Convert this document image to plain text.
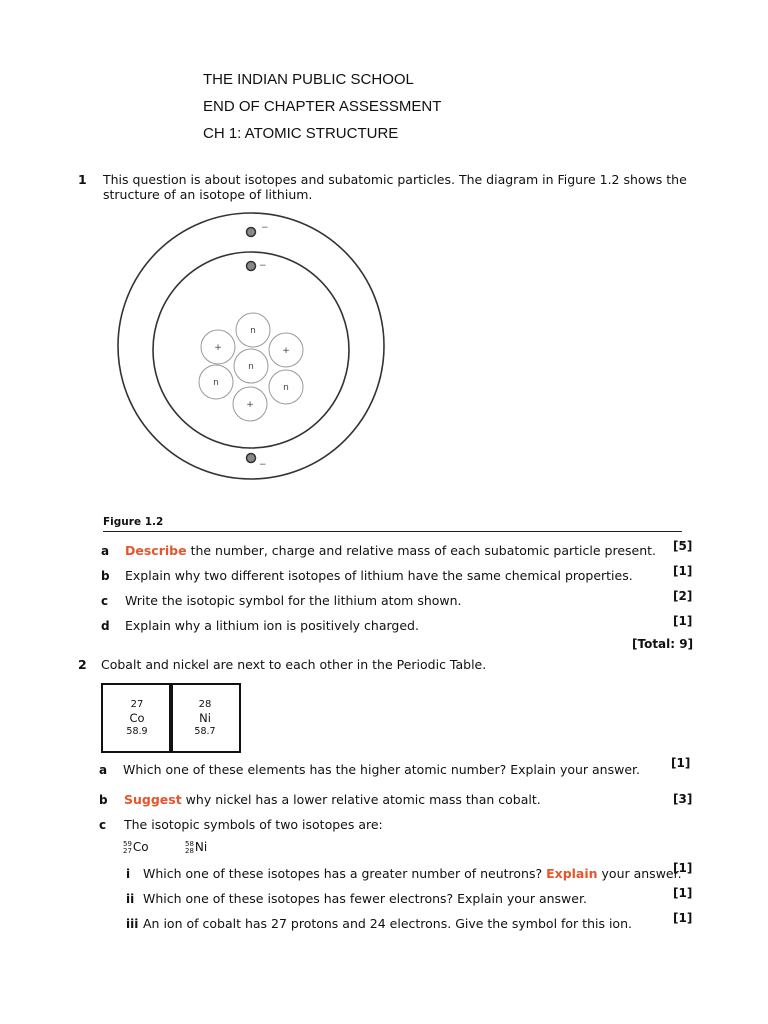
THE INDIAN PUBLIC SCHOOL
END OF CHAPTER ASSESSMENT
CH 1: ATOMIC STRUCTURE
1 This question is about isotopes and subatomic particles. The diagram in Figure 1.2 shows the
structure of an isotope of lithium.
−
−
−
n
+	+
n
n	n
+
Figure 1.2
a Describe the number, charge and relative mass of each subatomic particle present. [5]
b Explain why two different isotopes of lithium have the same chemical properties.	[1]
c Write the isotopic symbol for the lithium atom shown.	[2]
d Explain why a lithium ion is positively charged.	[1]
[Total: 9]
2 Cobalt and nickel are next to each other in the Periodic Table.
27
Co
58.9
28
Ni
58.7
a Which one of these elements has the higher atomic number? Explain your answer.	[1]
b Suggest why nickel has a lower relative atomic mass than cobalt.	[3]
c The isotopic symbols of two isotopes are:
59
27Co	58
28Ni
i Which one of these isotopes has a greater number of neutrons? Explain your answer.
[1]
ii Which one of these isotopes has fewer electrons? Explain your answer.	[1]
iii An ion of cobalt has 27 protons and 24 electrons. Give the symbol for this ion.	[1]
